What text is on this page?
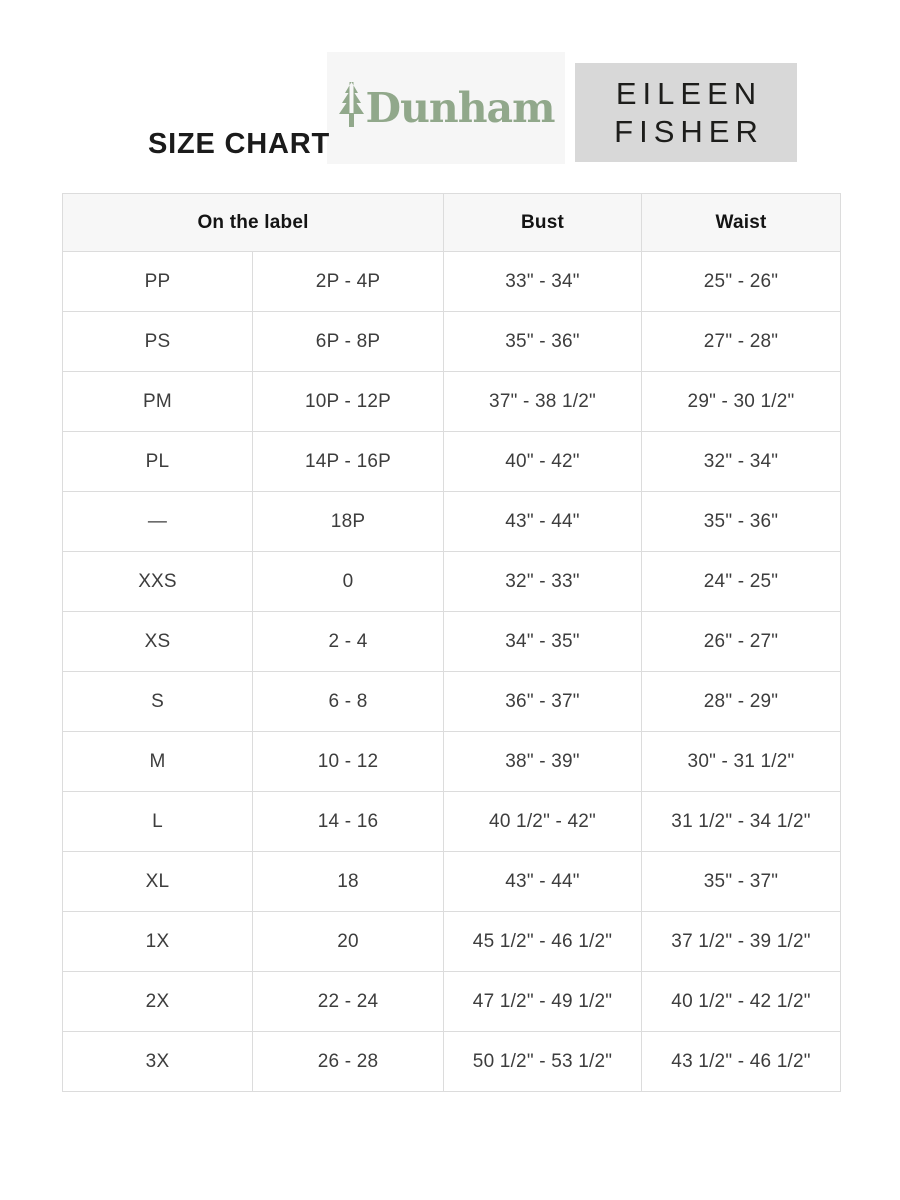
Dunham EILEEN
FISHER
SIZE CHART
On the label		Bust	Waist
PP	2P - 4P	33" - 34"	25" - 26"
PS	6P - 8P	35" - 36"	27" - 28"
PM	10P - 12P	37" - 38 1/2"	29" - 30 1/2"
PL	14P - 16P	40" - 42"	32" - 34"
—	18P	43" - 44"	35" - 36"
XXS	0	32" - 33"	24" - 25"
XS	2 - 4	34" - 35"	26" - 27"
S	6 - 8	36" - 37"	28" - 29"
M	10 - 12	38" - 39"	30" - 31 1/2"
L	14 - 16	40 1/2" - 42"	31 1/2" - 34 1/2"
XL	18	43" - 44"	35" - 37"
1X	20	45 1/2" - 46 1/2"	37 1/2" - 39 1/2"
2X	22 - 24	47 1/2" - 49 1/2"	40 1/2" - 42 1/2"
3X	26 - 28	50 1/2" - 53 1/2"	43 1/2" - 46 1/2"
